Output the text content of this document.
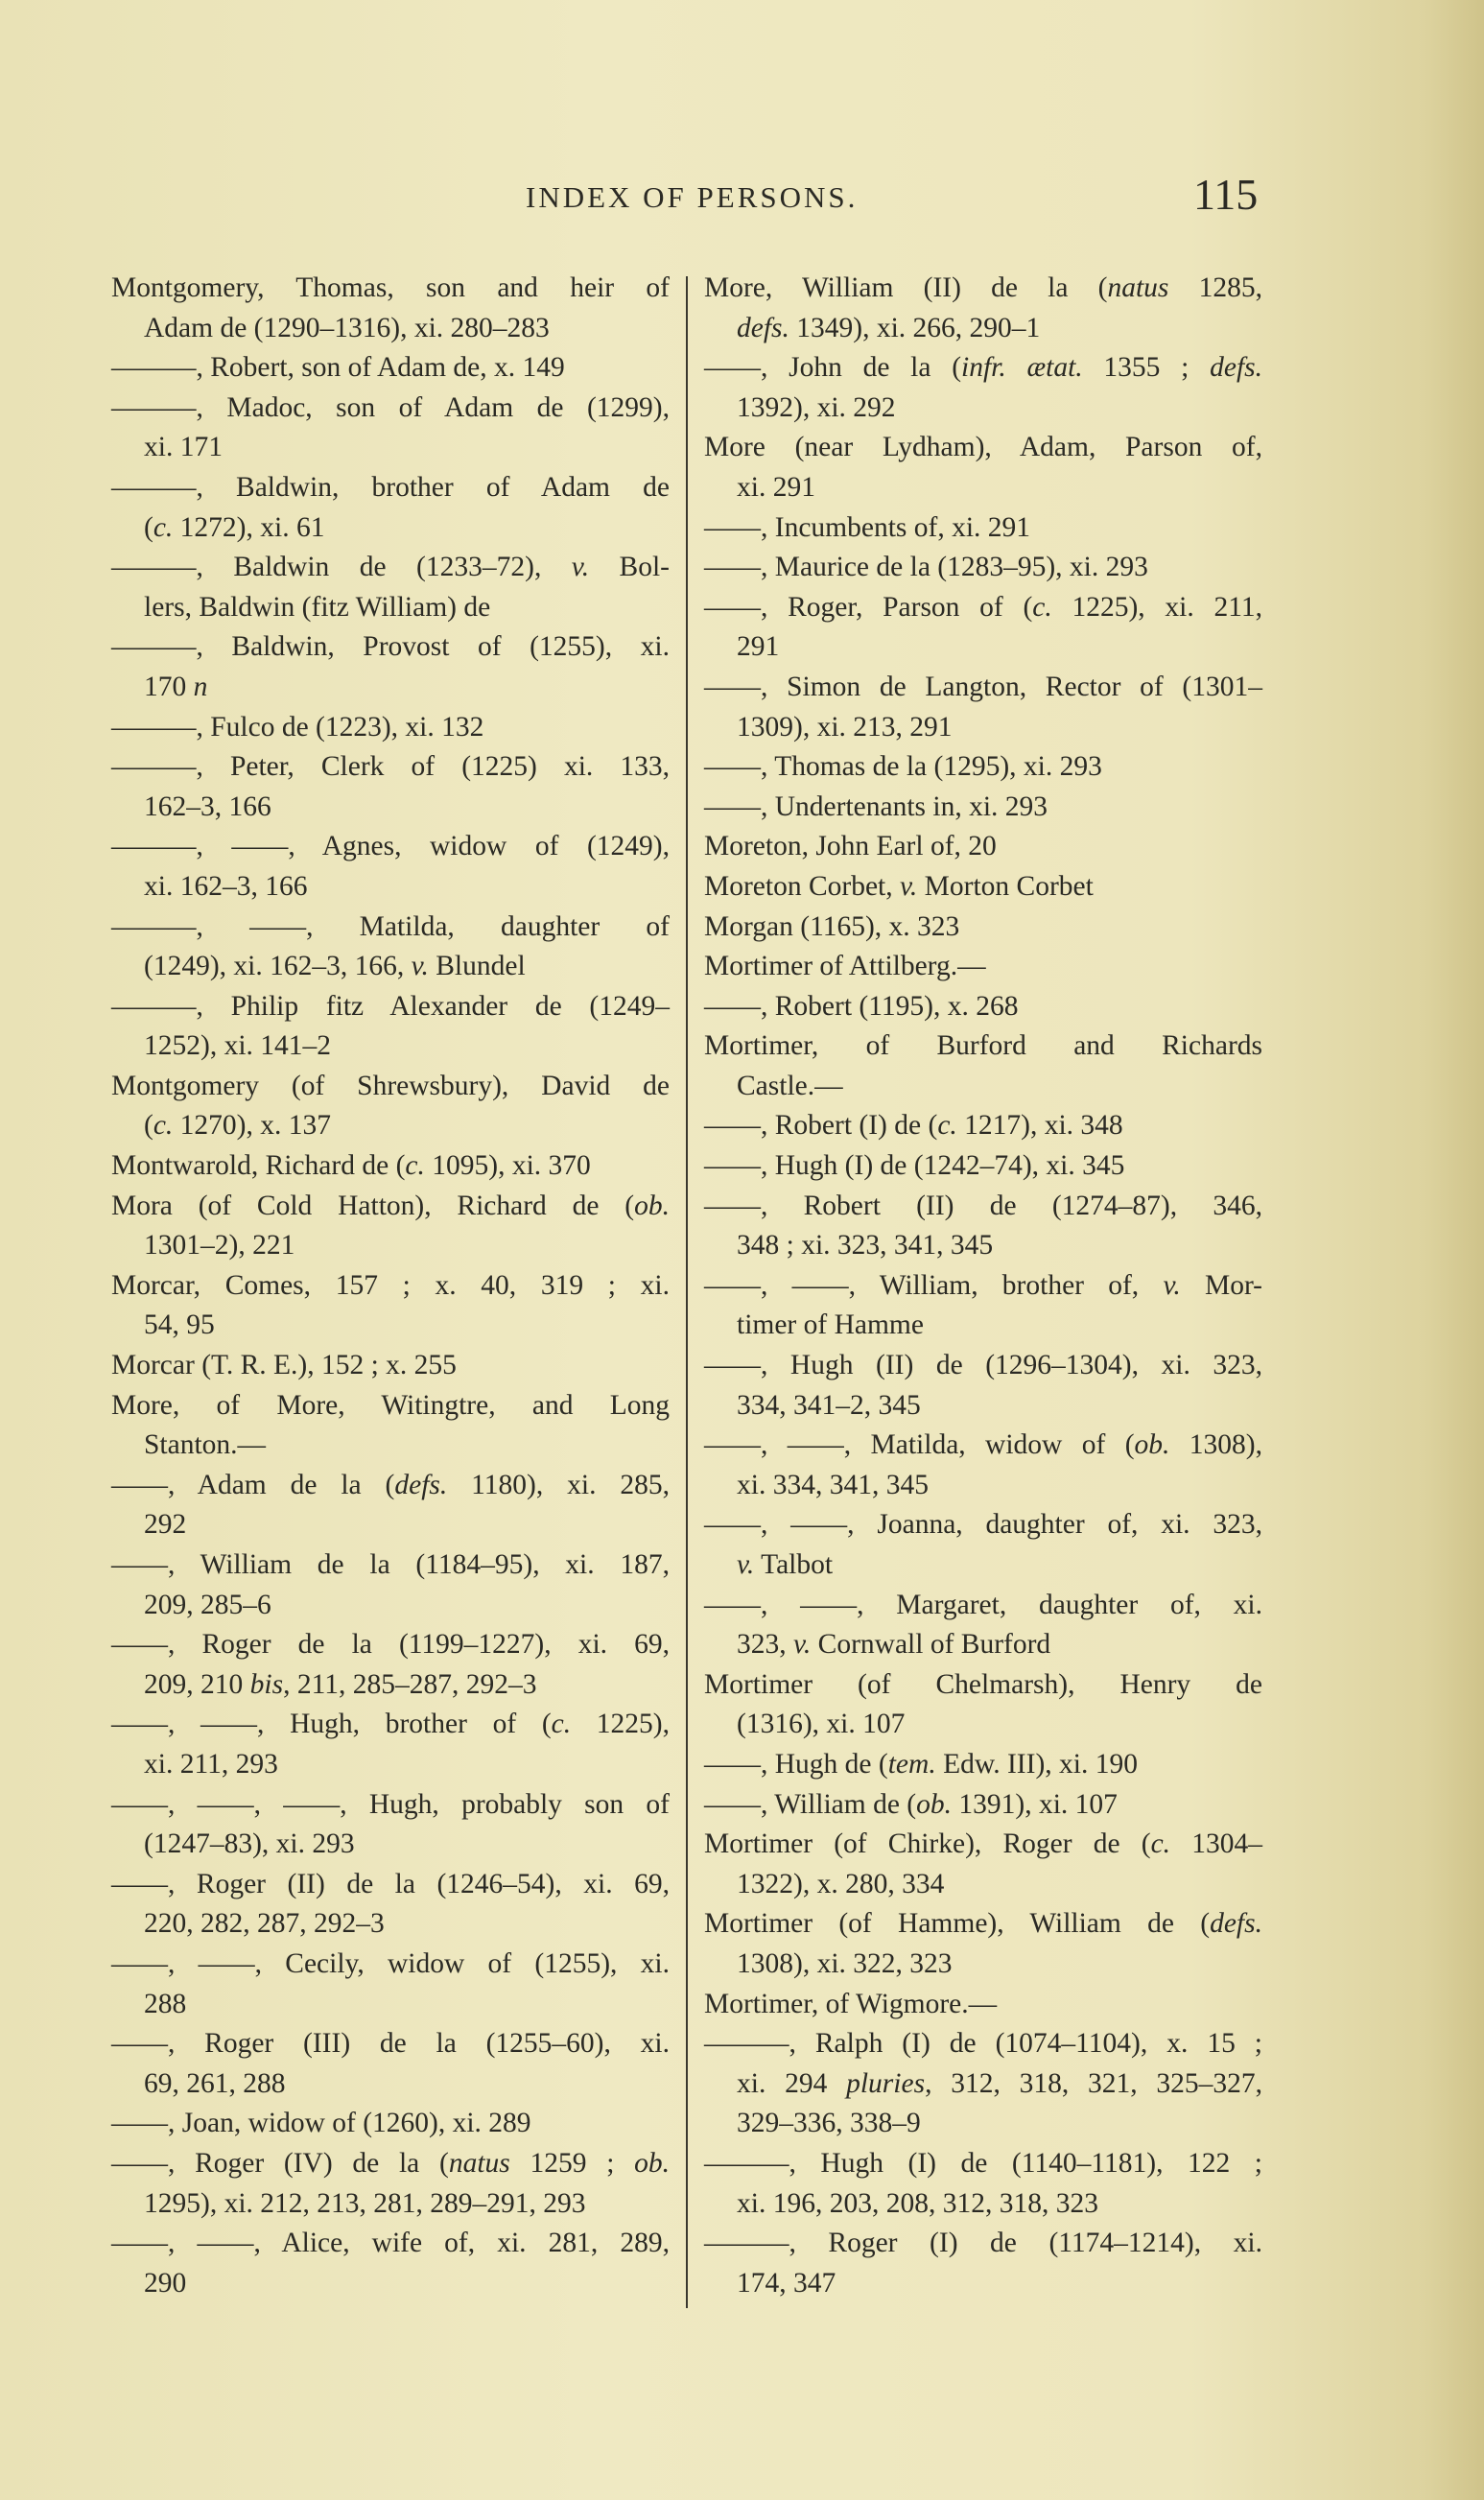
INDEX OF PERSONS.	115
Montgomery, Thomas, son and heir of
Adam de (1290–1316), xi. 280–283
———, Robert, son of Adam de, x. 149
———, Madoc, son of Adam de (1299),
xi. 171
———, Baldwin, brother of Adam de
(c. 1272), xi. 61
———, Baldwin de (1233–72), v. Bol-
lers, Baldwin (fitz William) de
———, Baldwin, Provost of (1255), xi.
170 n
———, Fulco de (1223), xi. 132
———, Peter, Clerk of (1225) xi. 133,
162–3, 166
———, ——, Agnes, widow of (1249),
xi. 162–3, 166
———, ——, Matilda, daughter of
(1249), xi. 162–3, 166, v. Blundel
———, Philip fitz Alexander de (1249–
1252), xi. 141–2
Montgomery (of Shrewsbury), David de
(c. 1270), x. 137
Montwarold, Richard de (c. 1095), xi. 370
Mora (of Cold Hatton), Richard de (ob.
1301–2), 221
Morcar, Comes, 157 ; x. 40, 319 ; xi.
54, 95
Morcar (T. R. E.), 152 ; x. 255
More, of More, Witingtre, and Long
Stanton.—
——, Adam de la (defs. 1180), xi. 285,
292
——, William de la (1184–95), xi. 187,
209, 285–6
——, Roger de la (1199–1227), xi. 69,
209, 210 bis, 211, 285–287, 292–3
——, ——, Hugh, brother of (c. 1225),
xi. 211, 293
——, ——, ——, Hugh, probably son of
(1247–83), xi. 293
——, Roger (II) de la (1246–54), xi. 69,
220, 282, 287, 292–3
——, ——, Cecily, widow of (1255), xi.
288
——, Roger (III) de la (1255–60), xi.
69, 261, 288
——, Joan, widow of (1260), xi. 289
——, Roger (IV) de la (natus 1259 ; ob.
1295), xi. 212, 213, 281, 289–291, 293
——, ——, Alice, wife of, xi. 281, 289,
290
More, William (II) de la (natus 1285,
defs. 1349), xi. 266, 290–1
——, John de la (infr. ætat. 1355 ; defs.
1392), xi. 292
More (near Lydham), Adam, Parson of,
xi. 291
——, Incumbents of, xi. 291
——, Maurice de la (1283–95), xi. 293
——, Roger, Parson of (c. 1225), xi. 211,
291
——, Simon de Langton, Rector of (1301–
1309), xi. 213, 291
——, Thomas de la (1295), xi. 293
——, Undertenants in, xi. 293
Moreton, John Earl of, 20
Moreton Corbet, v. Morton Corbet
Morgan (1165), x. 323
Mortimer of Attilberg.—
——, Robert (1195), x. 268
Mortimer, of Burford and Richards
Castle.—
——, Robert (I) de (c. 1217), xi. 348
——, Hugh (I) de (1242–74), xi. 345
——, Robert (II) de (1274–87), 346,
348 ; xi. 323, 341, 345
——, ——, William, brother of, v. Mor-
timer of Hamme
——, Hugh (II) de (1296–1304), xi. 323,
334, 341–2, 345
——, ——, Matilda, widow of (ob. 1308),
xi. 334, 341, 345
——, ——, Joanna, daughter of, xi. 323,
v. Talbot
——, ——, Margaret, daughter of, xi.
323, v. Cornwall of Burford
Mortimer (of Chelmarsh), Henry de
(1316), xi. 107
——, Hugh de (tem. Edw. III), xi. 190
——, William de (ob. 1391), xi. 107
Mortimer (of Chirke), Roger de (c. 1304–
1322), x. 280, 334
Mortimer (of Hamme), William de (defs.
1308), xi. 322, 323
Mortimer, of Wigmore.—
———, Ralph (I) de (1074–1104), x. 15 ;
xi. 294 pluries, 312, 318, 321, 325–327,
329–336, 338–9
———, Hugh (I) de (1140–1181), 122 ;
xi. 196, 203, 208, 312, 318, 323
———, Roger (I) de (1174–1214), xi.
174, 347
